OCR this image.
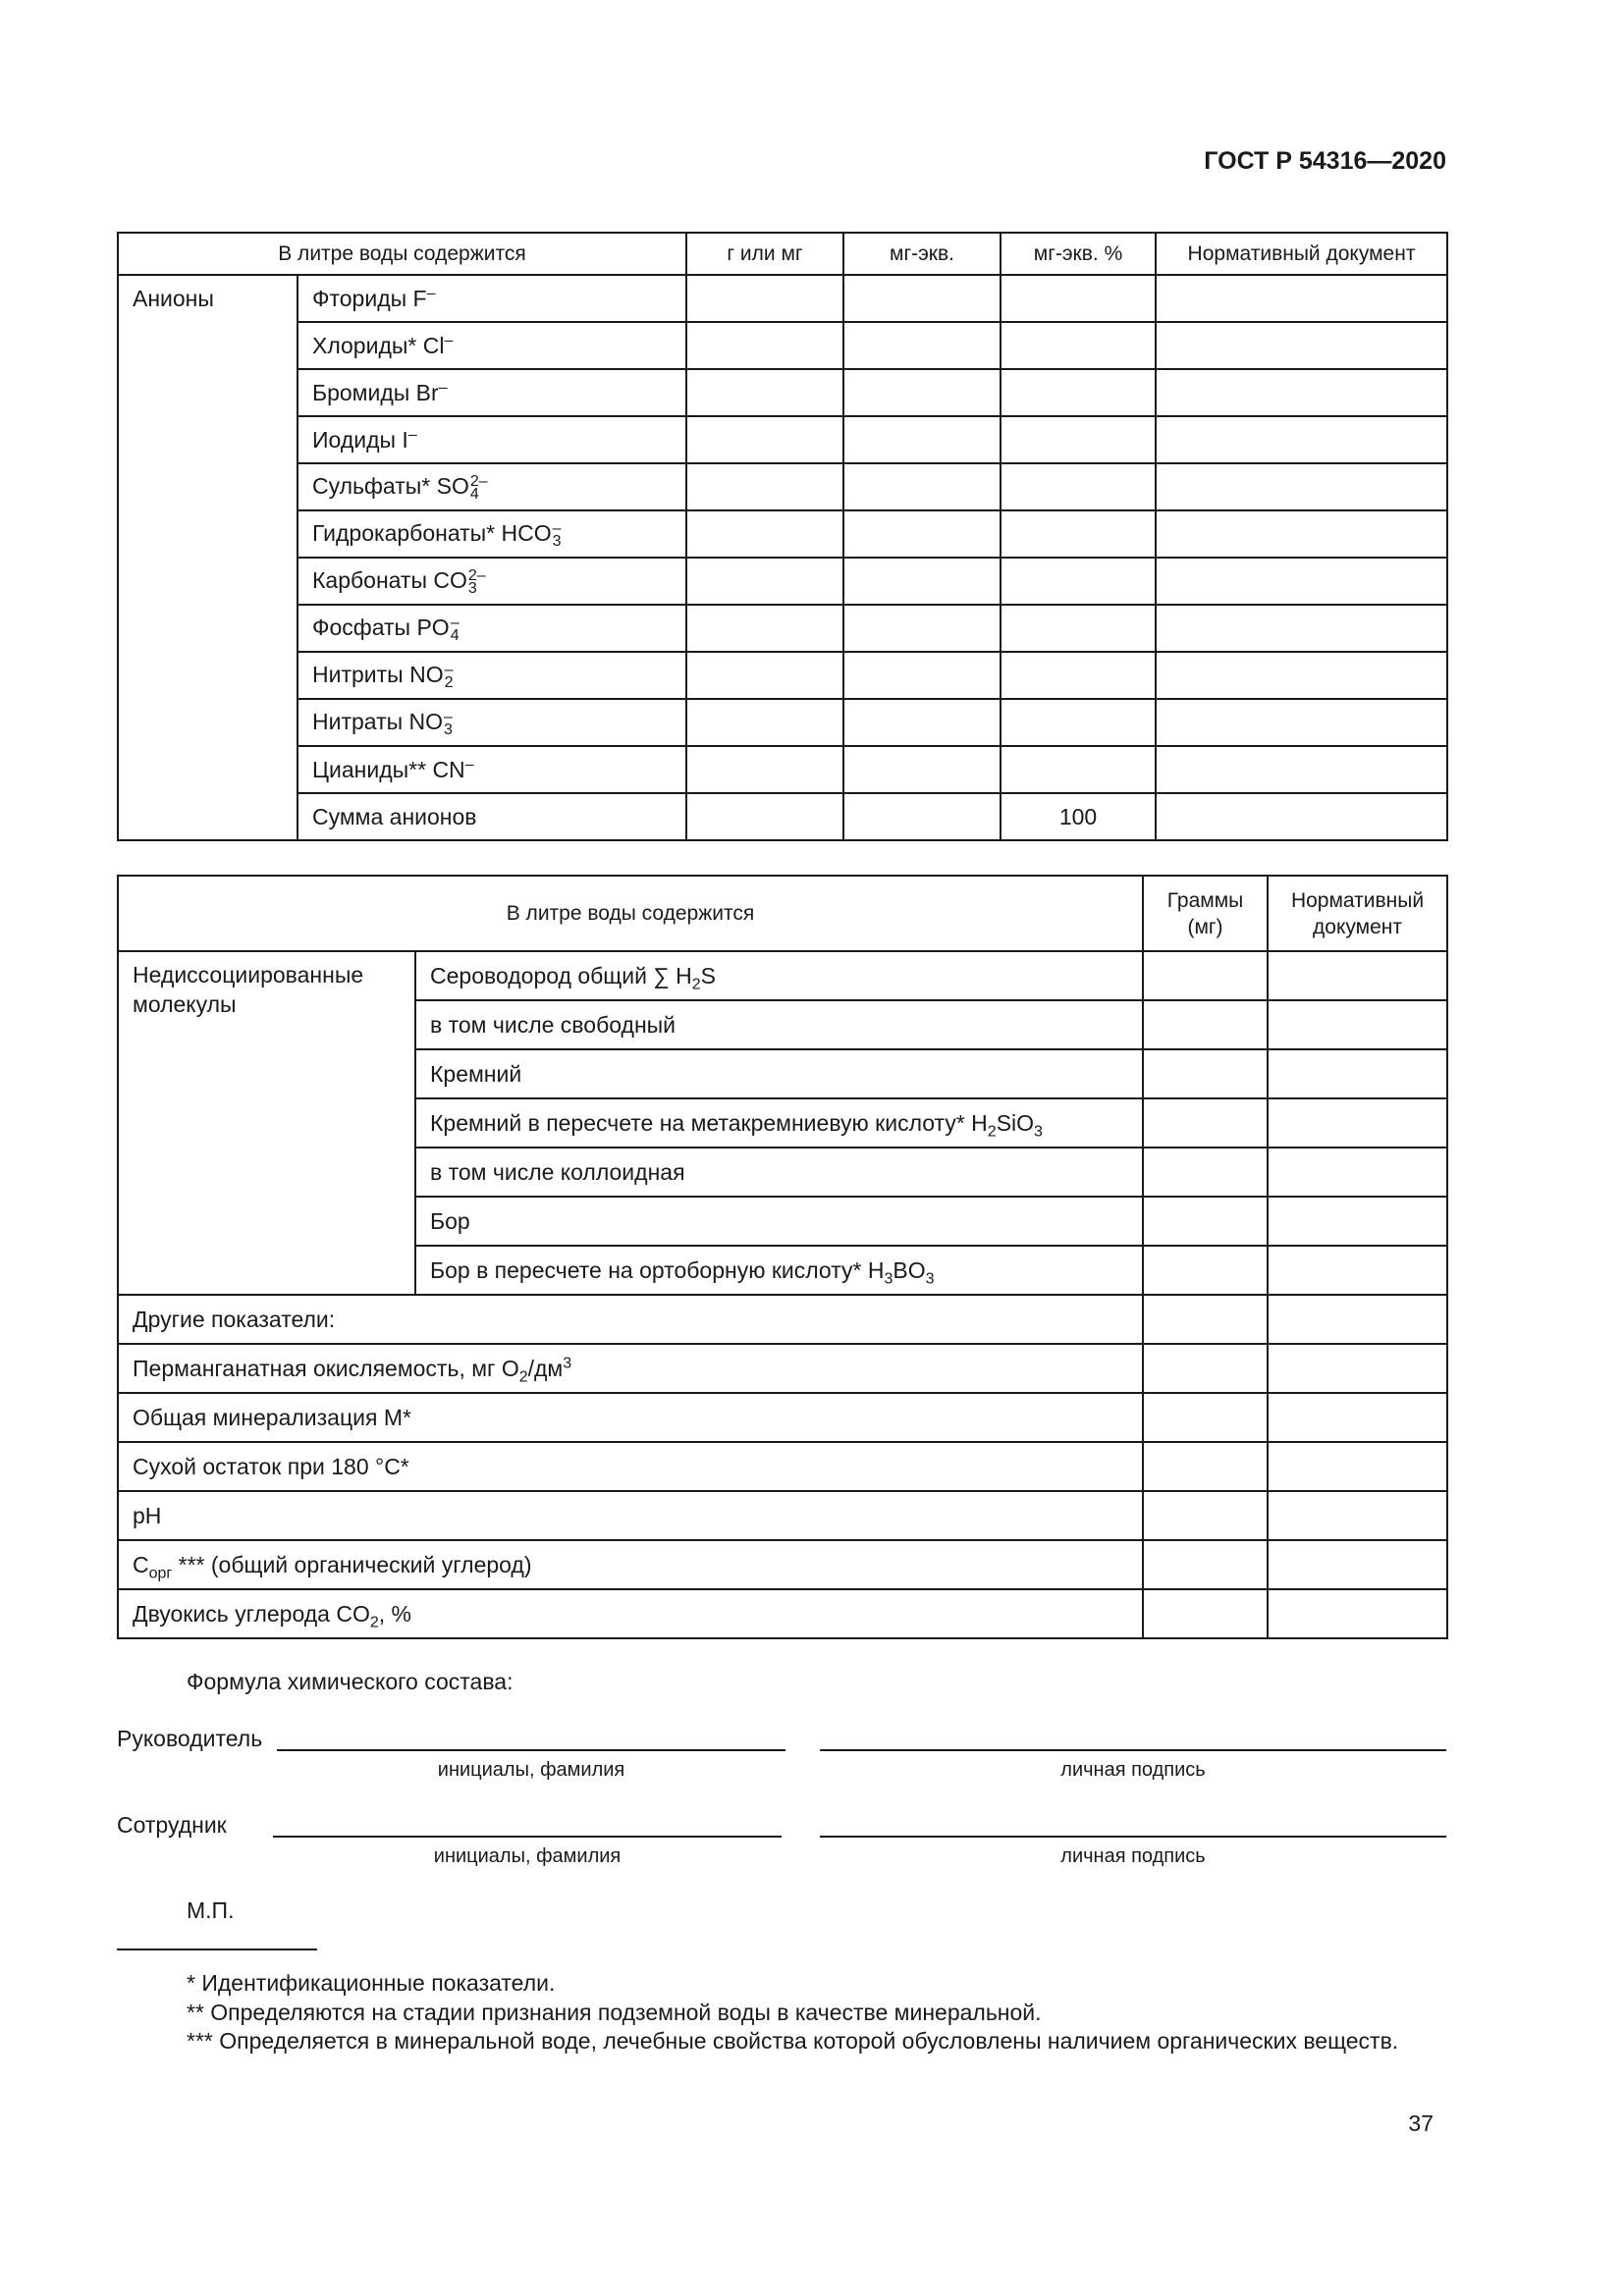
ГОСТ Р 54316—2020
В литре воды содержится		г или мг	мг-экв.	мг-экв. %	Нормативный документ
Анионы	Фториды F–				
	Хлориды* Cl–				
	Бромиды Br–				
	Иодиды I–				
	Сульфаты* SO 2–
4				

	Гидрокарбонаты* HCO –
3				

	Карбонаты CO 2–
3				

	Фосфаты PO –
4				

	Нитриты NO –
2				

	Нитраты NO –
3				

	Цианиды** CN–				
	Сумма анионов			100	
В литре воды содержится		Граммы (мг)	Нормативный документ
Недиссоциированные молекулы	Сероводород общий ∑ $H_2S$		
	в том числе свободный		
	Кремний		
	Кремний в пересчете на метакремниевую кислоту* $H_2SiO_3$		
	в том числе коллоидная		
	Бор		
	Бор в пересчете на ортоборную кислоту* $H_3BO_3$		
Другие показатели:			
Перманганатная окисляемость, мг $O_2/дм^3$		
Общая минерализация М*			
Сухой остаток при 180 °C*			
pH			
$C_{орг}$ *** (общий органический углерод)			
Двуокись углерода $CO_2$, %			
Формула химического состава:
Руководитель
инициалы, фамилия	личная подпись
Сотрудник
инициалы, фамилия	личная подпись
М.П.
* Идентификационные показатели.
** Определяются на стадии признания подземной воды в качестве минеральной.
*** Определяется в минеральной воде, лечебные свойства которой обусловлены наличием органических веществ.
37
